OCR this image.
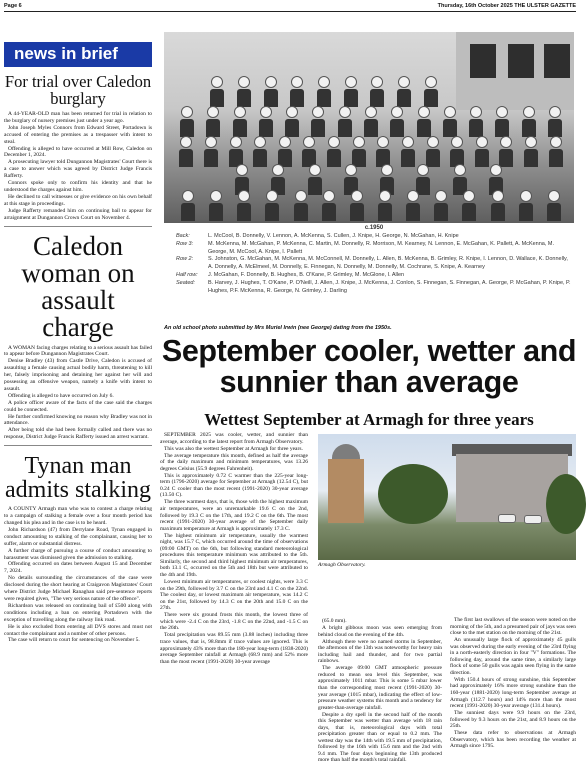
Page 6	Thursday, 16th October 2025 THE ULSTER GAZETTE
news in brief
For trial over Caledon burglary

A 44-YEAR-OLD man has been returned for trial in relation to the burglary of nursery premises just under a year ago.

John Joseph Myles Connors from Edward Street, Portadown is accused of entering the premises as a trespasser with intent to steal.

Offending is alleged to have occurred at Mill Row, Caledon on December 1, 2024.

A prosecuting lawyer told Dungannon Magistrates' Court there is a case to answer which was agreed by District Judge Francis Rafferty.

Connors spoke only to confirm his identity and that he understood the charges against him.

He declined to call witnesses or give evidence on his own behalf at this stage in proceedings.

Judge Rafferty remanded him on continuing bail to appear for arraignment at Dungannon Crown Court on November 4.

Caledon woman on assault charge

A WOMAN facing charges relating to a serious assault has failed to appear before Dungannon Magistrates Court.

Denise Bradley (43) from Castle Drive, Caledon is accused of assaulting a female causing actual bodily harm, threatening to kill her, falsely imprisoning and detaining her against her will and possessing an offensive weapon, namely a knife with intent to assault.

Offending is alleged to have occurred on July 6.

A police officer aware of the facts of the case said the charges could be connected.

He further confirmed knowing no reason why Bradley was not in attendance.

After being told she had been formally called and there was no response, District Judge Francis Rafferty issued an arrest warrant.

Tynan man admits stalking

A COUNTY Armagh man who was to contest a charge relating to a campaign of stalking a female over a four month period has changed his plea and in the case is to be heard.

John Richardson (47) from Derrylane Road, Tynan engaged in conduct amounting to stalking of the complainant, causing her to suffer, alarm or substantial distress.

A further charge of pursuing a course of conduct amounting to harassment was dismissed given the admission to stalking.

Offending occurred on dates between August 15 and December 7, 2024.

No details surrounding the circumstances of the case were disclosed during the short hearing at Craigavon Magistrates' Court where District Judge Michael Ranaghan said pre-sentence reports were required given, "The very serious nature of the offence".

Richardson was released on continuing bail of £500 along with conditions including a ban on entering Portadown with the exception of travelling along the railway link road.

He is also excluded from entering all DVS stores and must not contact the complainant and a number of other persons.

The case will return to court for sentencing on November 5.

c.1950
Back:	L. McCool, B. Donnelly, V. Lennon, A. McKenna, S. Cullen, J. Knipe, H. George, N. McGahan, H. Knipe
Row 3:	M. McKenna, M. McGahan, P. McKenna, C. Martin, M. Donnelly, R. Morrison, M. Kearney, N. Lennon, E. McGahan, K. Pallett, A. McKenna, M. George, M. McCool, A. Knipe, I. Pallett
Row 2:	S. Johnston, G. McGahan, M. McKenna, M. McConnell, M. Donnelly, L. Allen, B. McKenna, B. Grimley, R. Knipe, I. Lennon, D. Wallace, K. Donnelly, A. Donnelly, A. McElmeel, M. Donnelly, E. Finnegan, N. Donnelly, M. Donnelly, M. Cochrane, S. Knipe, A. Kearney
Half row:	J. McGahan, F. Donnelly, B. Hughes, B. O'Kane, P. Grimley, M. McGlone, I. Allen
Seated:	B. Harvey, J. Hughes, T. O'Kane, P. O'Neill, J. Allen, J. Knipe, J. McKenna, J. Conlon, S. Finnegan, S. Finnegan, A. George, P. McGahan, P. Knipe, P. Hughes, P.F. McKenna, R. George, N. Grimley, J. Darling
An old school photo submitted by Mrs Muriel Irwin (nee George) dating from the 1950s.
September cooler, wetter and sunnier than average
Wettest September at Armagh for three years

SEPTEMBER 2025 was cooler, wetter, and sunnier than average, according to the latest report from Armagh Observatory.

This was also the wettest September at Armagh for three years.

The average temperature this month, defined as half the average of the daily maximum and minimum temperatures, was 13.26 degrees Celsius (55.9 degrees Fahrenheit).

This is approximately 0.72 C warmer than the 225-year long-term (1796-2020) average for September at Armagh (12.54 C), but 0.24 C cooler than the most recent (1991-2020) 30-year average (13.50 C).

The three warmest days, that is, those with the highest maximum air temperatures, were an unremarkable 19.6 C on the 2nd, followed by 19.3 C on the 17th, and 19.2 C on the 6th. The most recent (1991-2020) 30-year average of the September daily maximum temperature at Armagh is approximately 17.3 C.

The highest minimum air temperature, usually the warmest night, was 15.7 C, which occurred around the time of observations (09:00 GMT) on the 6th, but following standard meteorological procedures this temperature minimum was attributed to the 5th. Similarly, the second and third highest minimum air temperatures, both 13.1 C, occurred on the 5th and 18th but were attributed to the 4th and 19th.

Lowest minimum air temperatures, or coolest nights, were 3.3 C on the 29th, followed by 3.7 C on the 23rd and 4.1 C on the 22nd. The coolest day, or lowest maximum air temperature, was 14.2 C on the 21st, followed by 14.3 C on the 20th and 15.0 C on the 27th.

There were six ground frosts this month, the lowest three of which were -2.4 C on the 23rd, -1.8 C on the 22nd, and -1.5 C on the 26th.

Total precipitation was 89.55 mm (3.88 inches) including three trace values, that is, 98.8mm if trace values are ignored. This is approximately 43% more than the 180-year long-term (1838-2020) average September rainfall at Armagh (68.9 mm) and 52% more than the most recent (1991-2020) 30-year average

Armagh Observatory.

(65.0 mm).

A bright gibbous moon was seen emerging from behind cloud on the evening of the 4th.

Although there were no named storms in September, the afternoon of the 13th was noteworthy for heavy rain including hail and thunder, and for two partial rainbows.

The average 09:00 GMT atmospheric pressure reduced to mean sea level this September, was approximately 1011 mbar. This is some 5 mbar lower than the corresponding most recent (1991-2020) 30-year average (1015 mbar), indicating the effect of low-pressure weather systems this month and a tendency for greater-than-average rainfall.

Despite a dry spell in the second half of the month this September was wetter than average with 18 rain days, that is, meteorological days with total precipitation greater than or equal to 0.2 mm. The wettest day was the 14th with 19.5 mm of precipitation, followed by the 16th with 15.6 mm and the 2nd with 9.4 mm. The four days beginning the 13th produced more than half the month's total rainfall.

The first last swallows of the season were noted on the morning of the 5th, and a presumed pair of jays was seen close to the met station on the morning of the 21st.

An unusually large flock of approximately 45 gulls was observed during the early evening of the 23rd flying in a north-easterly direction in four "V" formations. The following day, around the same time, a similarly large flock of some 50 gulls was again seen flying in the same direction.

With 150.4 hours of strong sunshine, this September had approximately 16% more strong sunshine than the 160-year (1881-2020) long-term September average at Armagh (112.7 hours) and 14% more than the most recent (1991-2020) 30-year average (131.4 hours).

The sunniest days were 9.9 hours on the 23rd, followed by 9.3 hours on the 21st, and 8.9 hours on the 25th.

These data refer to observations at Armagh Observatory, which has been recording the weather at Armagh since 1795.
